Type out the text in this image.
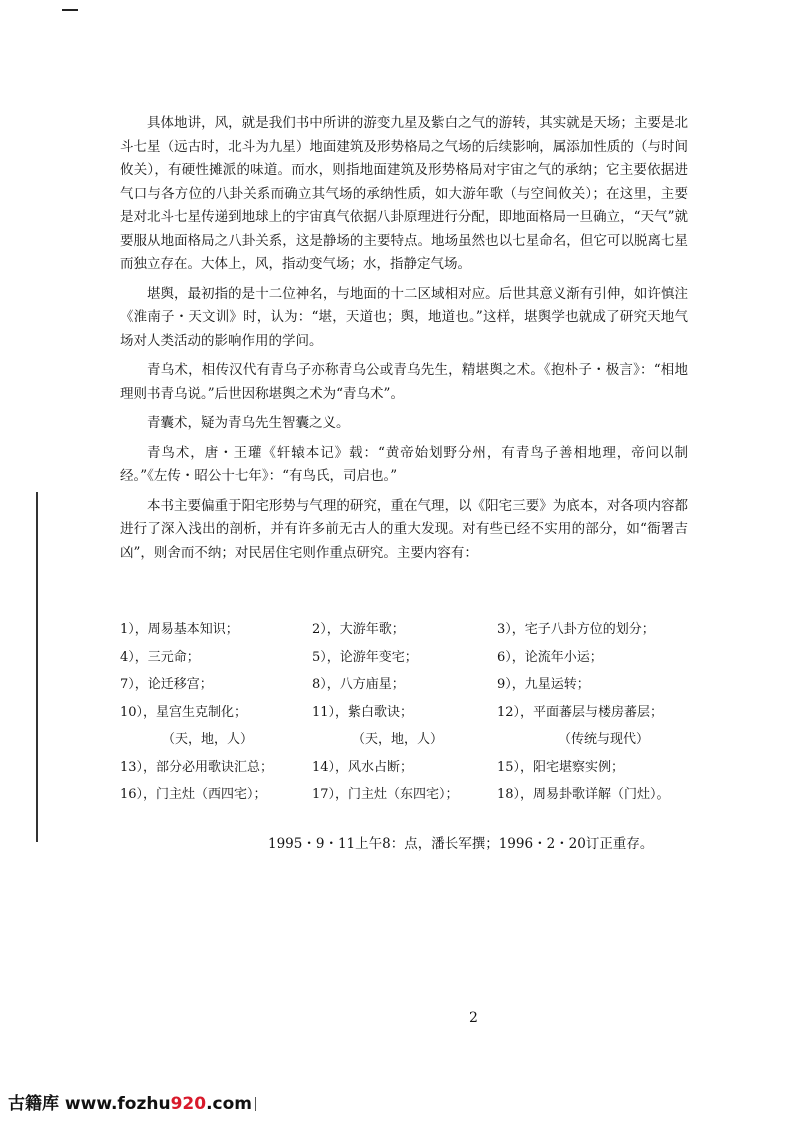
具体地讲，风，就是我们书中所讲的游变九星及紫白之气的游转，其实就是天场；主要是北斗七星（远古时，北斗为九星）地面建筑及形势格局之气场的后续影响，属添加性质的（与时间攸关），有硬性摊派的味道。而水，则指地面建筑及形势格局对宇宙之气的承纳；它主要依据进气口与各方位的八卦关系而确立其气场的承纳性质，如大游年歌（与空间攸关）；在这里，主要是对北斗七星传递到地球上的宇宙真气依据八卦原理进行分配，即地面格局一旦确立，“天气”就要服从地面格局之八卦关系，这是静场的主要特点。地场虽然也以七星命名，但它可以脱离七星而独立存在。大体上，风，指动变气场；水，指静定气场。

堪舆，最初指的是十二位神名，与地面的十二区域相对应。后世其意义渐有引伸，如许慎注《淮南子・天文训》时，认为：“堪，天道也；舆，地道也。”这样，堪舆学也就成了研究天地气场对人类活动的影响作用的学问。

青乌术，相传汉代有青乌子亦称青乌公或青乌先生，精堪舆之术。《抱朴子・极言》：“相地理则书青乌说。”后世因称堪舆之术为“青乌术”。

青囊术，疑为青乌先生智囊之义。

青鸟术，唐・王瓘《轩辕本记》载：“黄帝始划野分州，有青鸟子善相地理，帝问以制经。”《左传・昭公十七年》：“有鸟氏，司启也。”

本书主要偏重于阳宅形势与气理的研究，重在气理，以《阳宅三要》为底本，对各项内容都进行了深入浅出的剖析，并有许多前无古人的重大发现。对有些已经不实用的部分，如“衙署吉凶”，则舍而不纳；对民居住宅则作重点研究。主要内容有：

1），周易基本知识；	2），大游年歌；	3），宅子八卦方位的划分；
4），三元命；	5），论游年变宅；	6），论流年小运；
7），论迁移宫；	8），八方庙星；	9），九星运转；
10），星宫生克制化；	11），紫白歌诀；	12），平面蕃层与楼房蕃层；
（天，地，人）	（天，地，人）	（传统与现代）
13），部分必用歌诀汇总；	14），风水占断；	15），阳宅堪察实例；
16），门主灶（西四宅）；	17），门主灶（东四宅）；	18），周易卦歌详解（门灶）。
1995・9・11上午8：点，潘长军撰；1996・2・20订正重存。
2
古籍库 www.fozhu920.com
